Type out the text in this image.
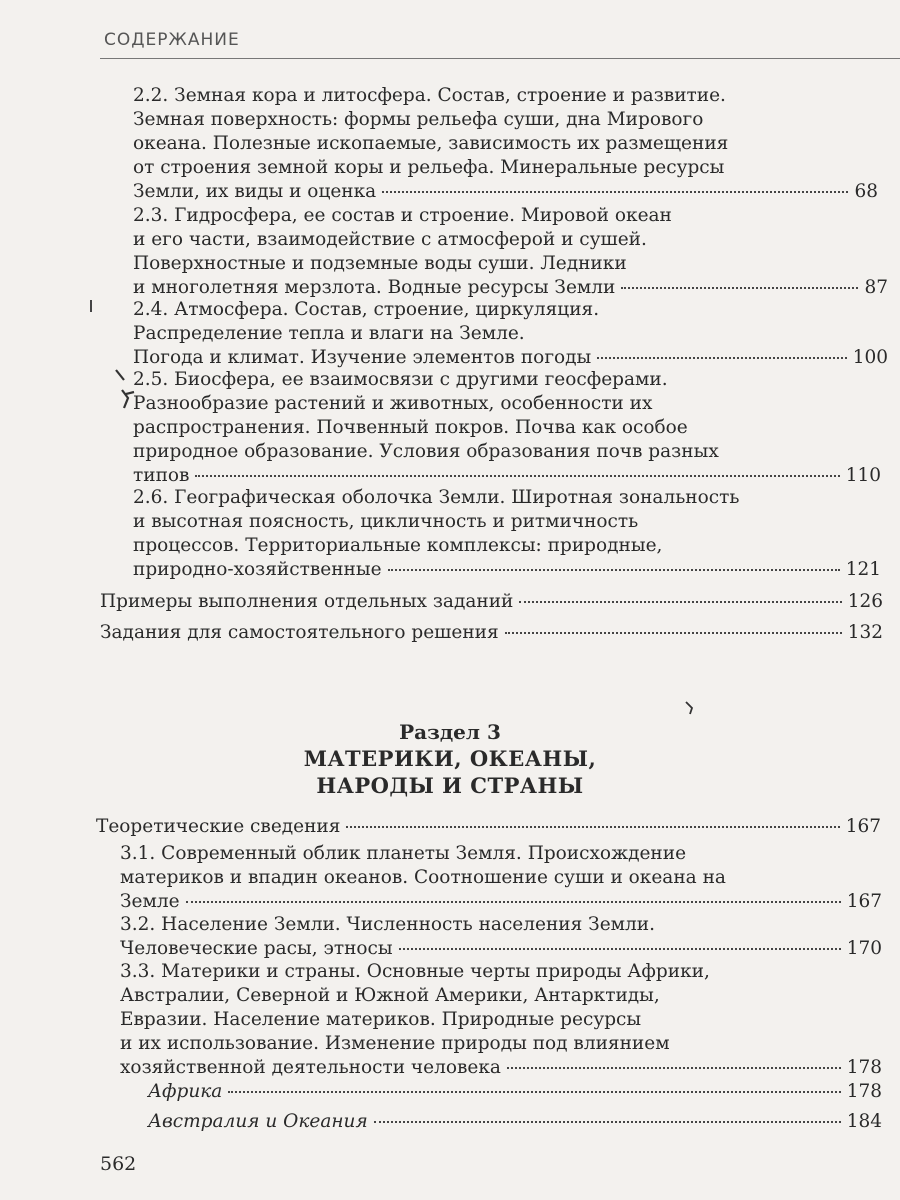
СОДЕРЖАНИЕ
2.2. Земная кора и литосфера. Состав, строение и развитие.
Земная поверхность: формы рельефа суши, дна Мирового
океана. Полезные ископаемые, зависимость их размещения
от строения земной коры и рельефа. Минеральные ресурсы
Земли, их виды и оценка	68
2.3. Гидросфера, ее состав и строение. Мировой океан
и его части, взаимодействие с атмосферой и сушей.
Поверхностные и подземные воды суши. Ледники
и многолетняя мерзлота. Водные ресурсы Земли	87
2.4. Атмосфера. Состав, строение, циркуляция.
Распределение тепла и влаги на Земле.
Погода и климат. Изучение элементов погоды	100
2.5. Биосфера, ее взаимосвязи с другими геосферами.
Разнообразие растений и животных, особенности их
распространения. Почвенный покров. Почва как особое
природное образование. Условия образования почв разных
типов	110
2.6. Географическая оболочка Земли. Широтная зональность
и высотная поясность, цикличность и ритмичность
процессов. Территориальные комплексы: природные,
природно-хозяйственные	121
Примеры выполнения отдельных заданий	126
Задания для самостоятельного решения	132
Раздел 3
МАТЕРИКИ, ОКЕАНЫ,
НАРОДЫ И СТРАНЫ
Теоретические сведения	167
3.1. Современный облик планеты Земля. Происхождение
материков и впадин океанов. Соотношение суши и океана на
Земле	167
3.2. Население Земли. Численность населения Земли.
Человеческие расы, этносы	170
3.3. Материки и страны. Основные черты природы Африки,
Австралии, Северной и Южной Америки, Антарктиды,
Евразии. Население материков. Природные ресурсы
и их использование. Изменение природы под влиянием
хозяйственной деятельности человека	178
Африка	178
Австралия и Океания	184
562
